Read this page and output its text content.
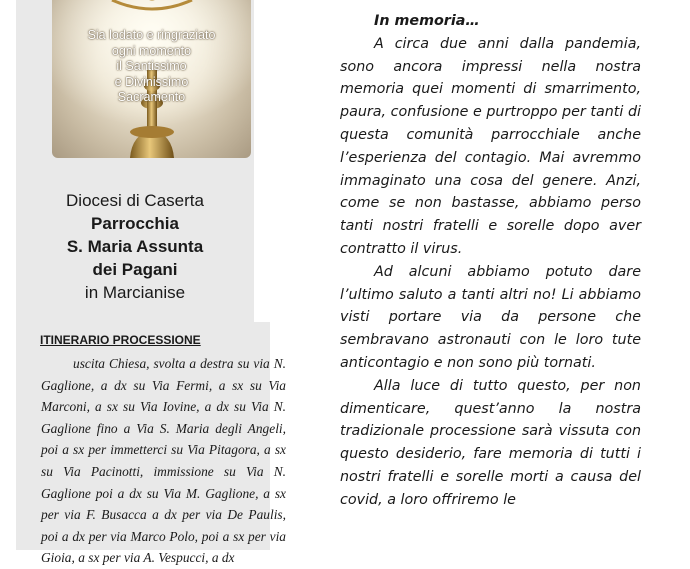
Sia lodato e ringraziato
ogni momento
il Santissimo
e Divinissimo
Sacramento
Diocesi di Caserta
Parrocchia
S. Maria Assunta
dei Pagani
in Marcianise
ITINERARIO PROCESSIONE
uscita Chiesa, svolta a destra su via N. Gaglione, a dx su Via Fermi, a sx su Via Marconi, a sx su Via Iovine, a dx su Via N. Gaglione fino a Via S. Maria degli Angeli, poi a sx per immetterci su Via Pitagora, a sx su Via Pacinotti, immissione su Via N. Gaglione poi a dx su Via M. Gaglione, a sx per via F. Busacca a dx per via De Paulis, poi a dx per via Marco Polo, poi a sx per via Gioia, a sx per via A. Vespucci, a dx
In memoria…

A circa due anni dalla pandemia, sono ancora impressi nella nostra memoria quei momenti di smarrimento, paura, confusione e purtroppo per tanti di questa comunità parrocchiale anche l’esperienza del contagio. Mai avremmo immaginato una cosa del genere. Anzi, come se non bastasse, abbiamo perso tanti nostri fratelli e sorelle dopo aver contratto il virus.

Ad alcuni abbiamo potuto dare l’ultimo saluto a tanti altri no! Li abbiamo visti portare via da persone che sembravano astronauti con le loro tute anticontagio e non sono più tornati.

Alla luce di tutto questo, per non dimenticare, quest’anno la nostra tradizionale processione sarà vissuta con questo desiderio, fare memoria di tutti i nostri fratelli e sorelle morti a causa del covid, a loro offriremo le
